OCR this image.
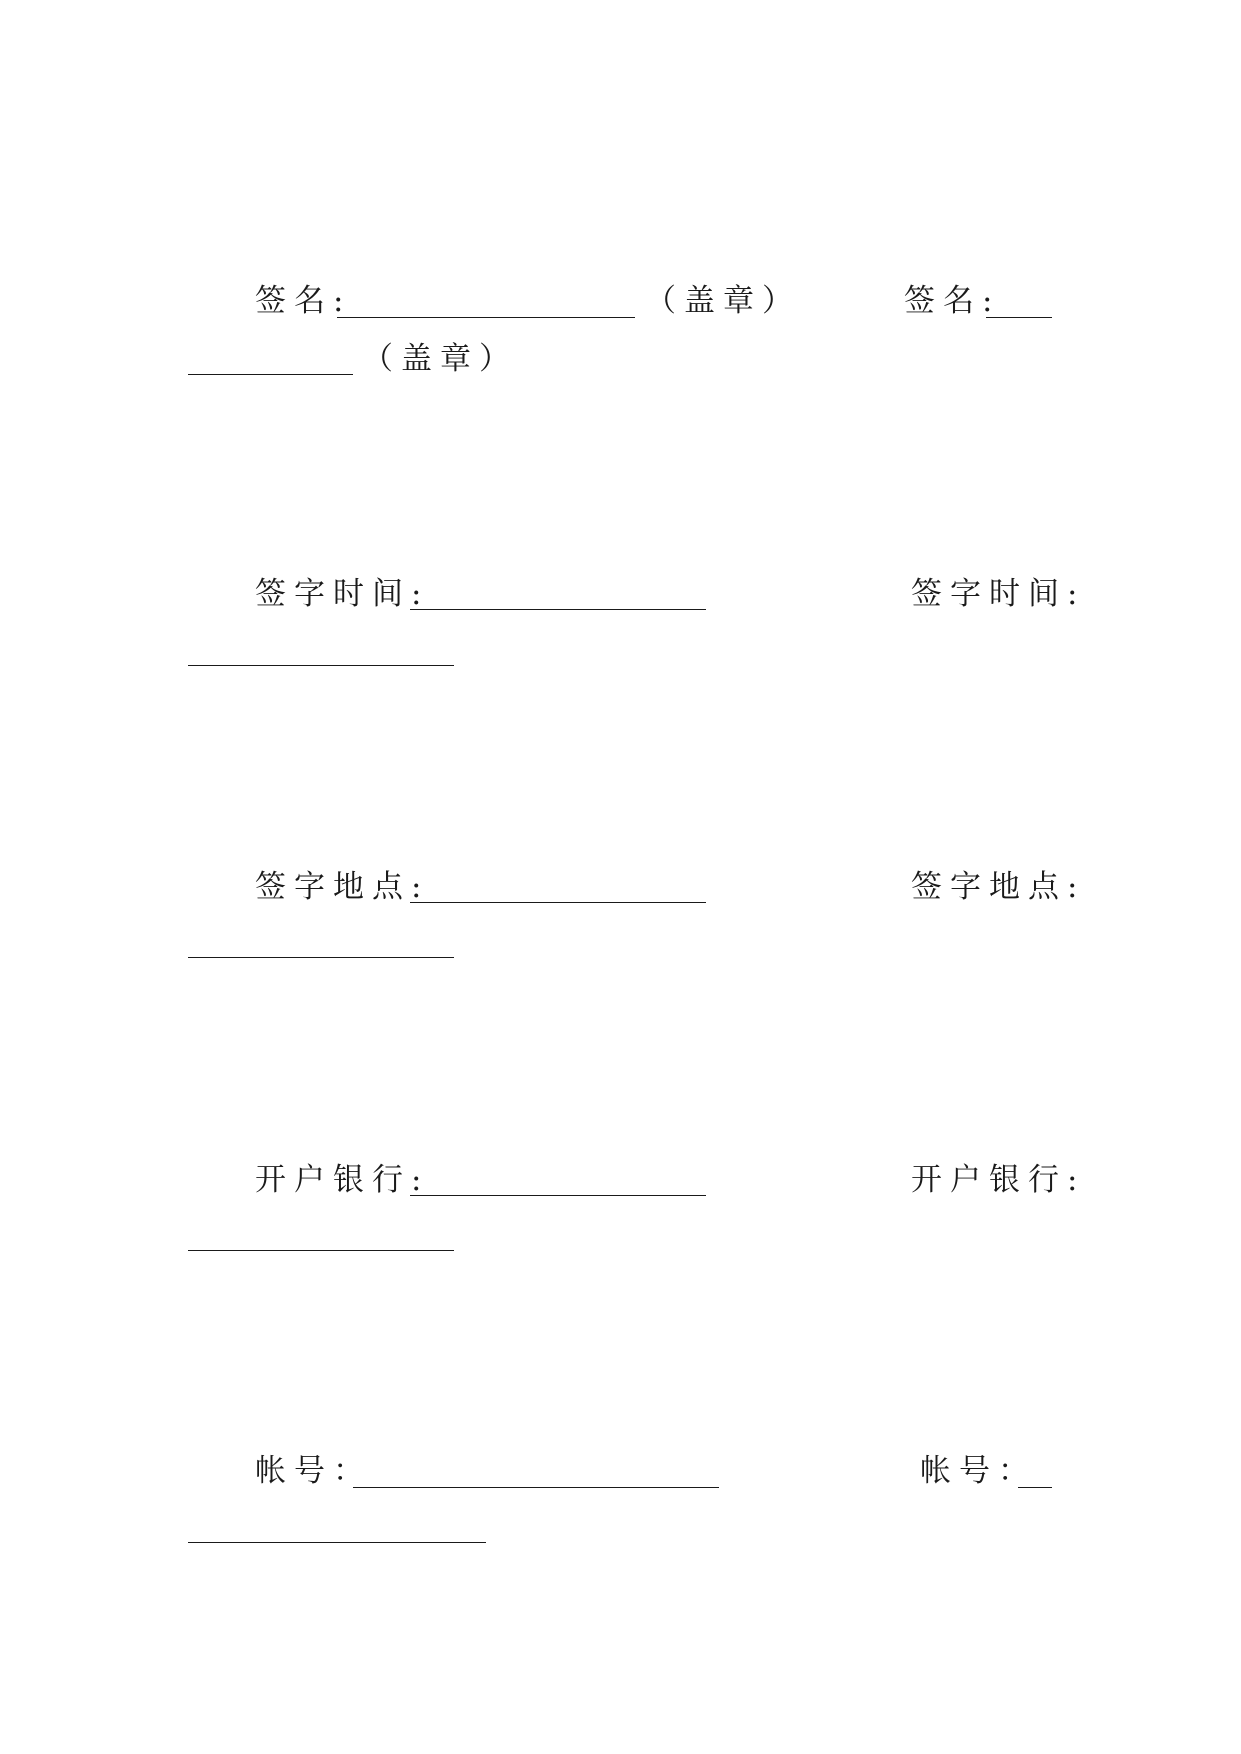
签名:	（盖章）	签名:
（盖章）
签字时间:	签字时间:
签字地点:	签字地点:
开户银行:	开户银行:
帐号：	帐号：
